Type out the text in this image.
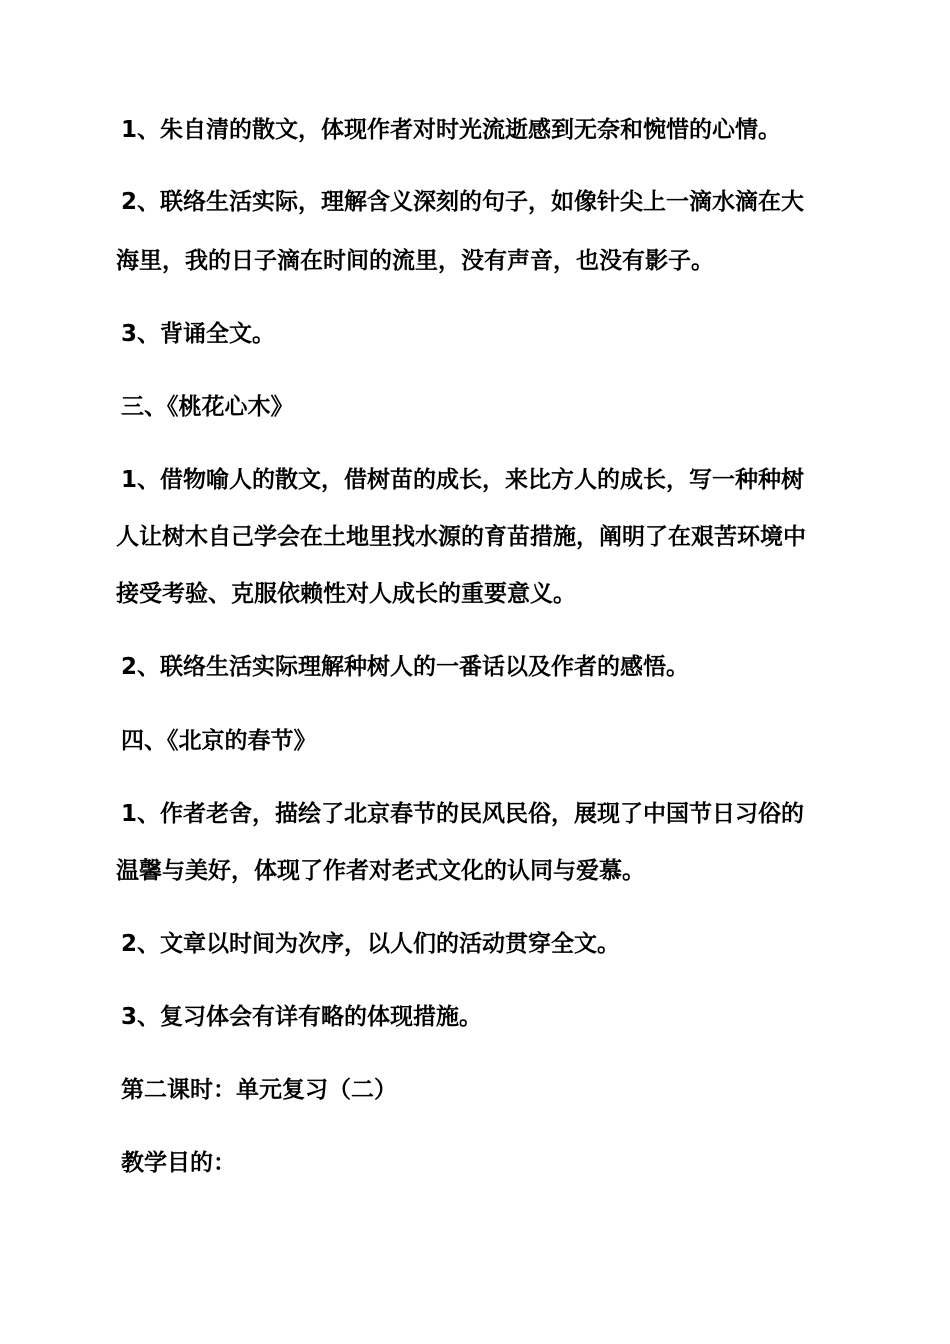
1、朱自清的散文，体现作者对时光流逝感到无奈和惋惜的心情。
2、联络生活实际，理解含义深刻的句子，如像针尖上一滴水滴在大
海里，我的日子滴在时间的流里，没有声音，也没有影子。
3、背诵全文。
三、《桃花心木》
1、借物喻人的散文，借树苗的成长，来比方人的成长，写一种种树
人让树木自己学会在土地里找水源的育苗措施，阐明了在艰苦环境中
接受考验、克服依赖性对人成长的重要意义。
2、联络生活实际理解种树人的一番话以及作者的感悟。
四、《北京的春节》
1、作者老舍，描绘了北京春节的民风民俗，展现了中国节日习俗的
温馨与美好，体现了作者对老式文化的认同与爱慕。
2、文章以时间为次序，以人们的活动贯穿全文。
3、复习体会有详有略的体现措施。
第二课时：单元复习（二）
教学目的：
